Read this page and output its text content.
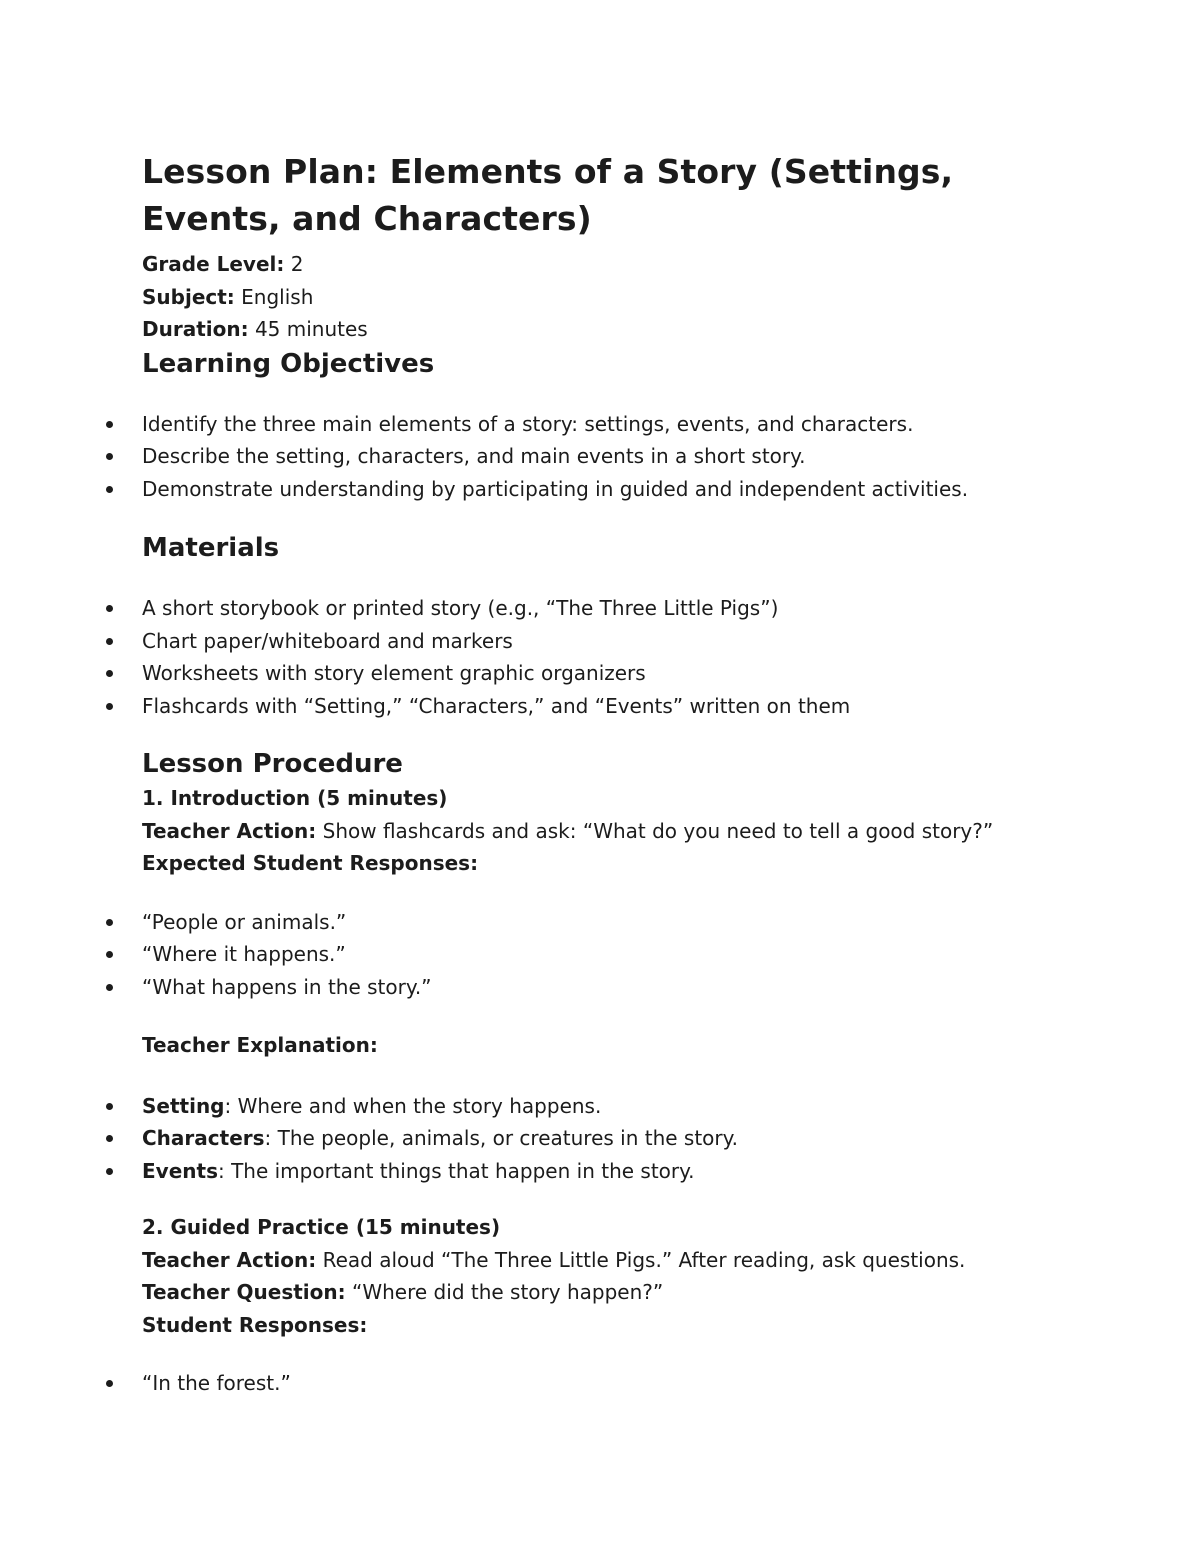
Lesson Plan: Elements of a Story (Settings, Events, and Characters)

Grade Level: 2

Subject: English

Duration: 45 minutes

Learning Objectives
Identify the three main elements of a story: settings, events, and characters.
Describe the setting, characters, and main events in a short story.
Demonstrate understanding by participating in guided and independent activities.
Materials
A short storybook or printed story (e.g., “The Three Little Pigs”)
Chart paper/whiteboard and markers
Worksheets with story element graphic organizers
Flashcards with “Setting,” “Characters,” and “Events” written on them
Lesson Procedure

1. Introduction (5 minutes)

Teacher Action: Show flashcards and ask: “What do you need to tell a good story?”

Expected Student Responses:

“People or animals.”
“Where it happens.”
“What happens in the story.”

Teacher Explanation:

Setting: Where and when the story happens.
Characters: The people, animals, or creatures in the story.
Events: The important things that happen in the story.

2. Guided Practice (15 minutes)

Teacher Action: Read aloud “The Three Little Pigs.” After reading, ask questions.

Teacher Question: “Where did the story happen?”

Student Responses:

“In the forest.”
